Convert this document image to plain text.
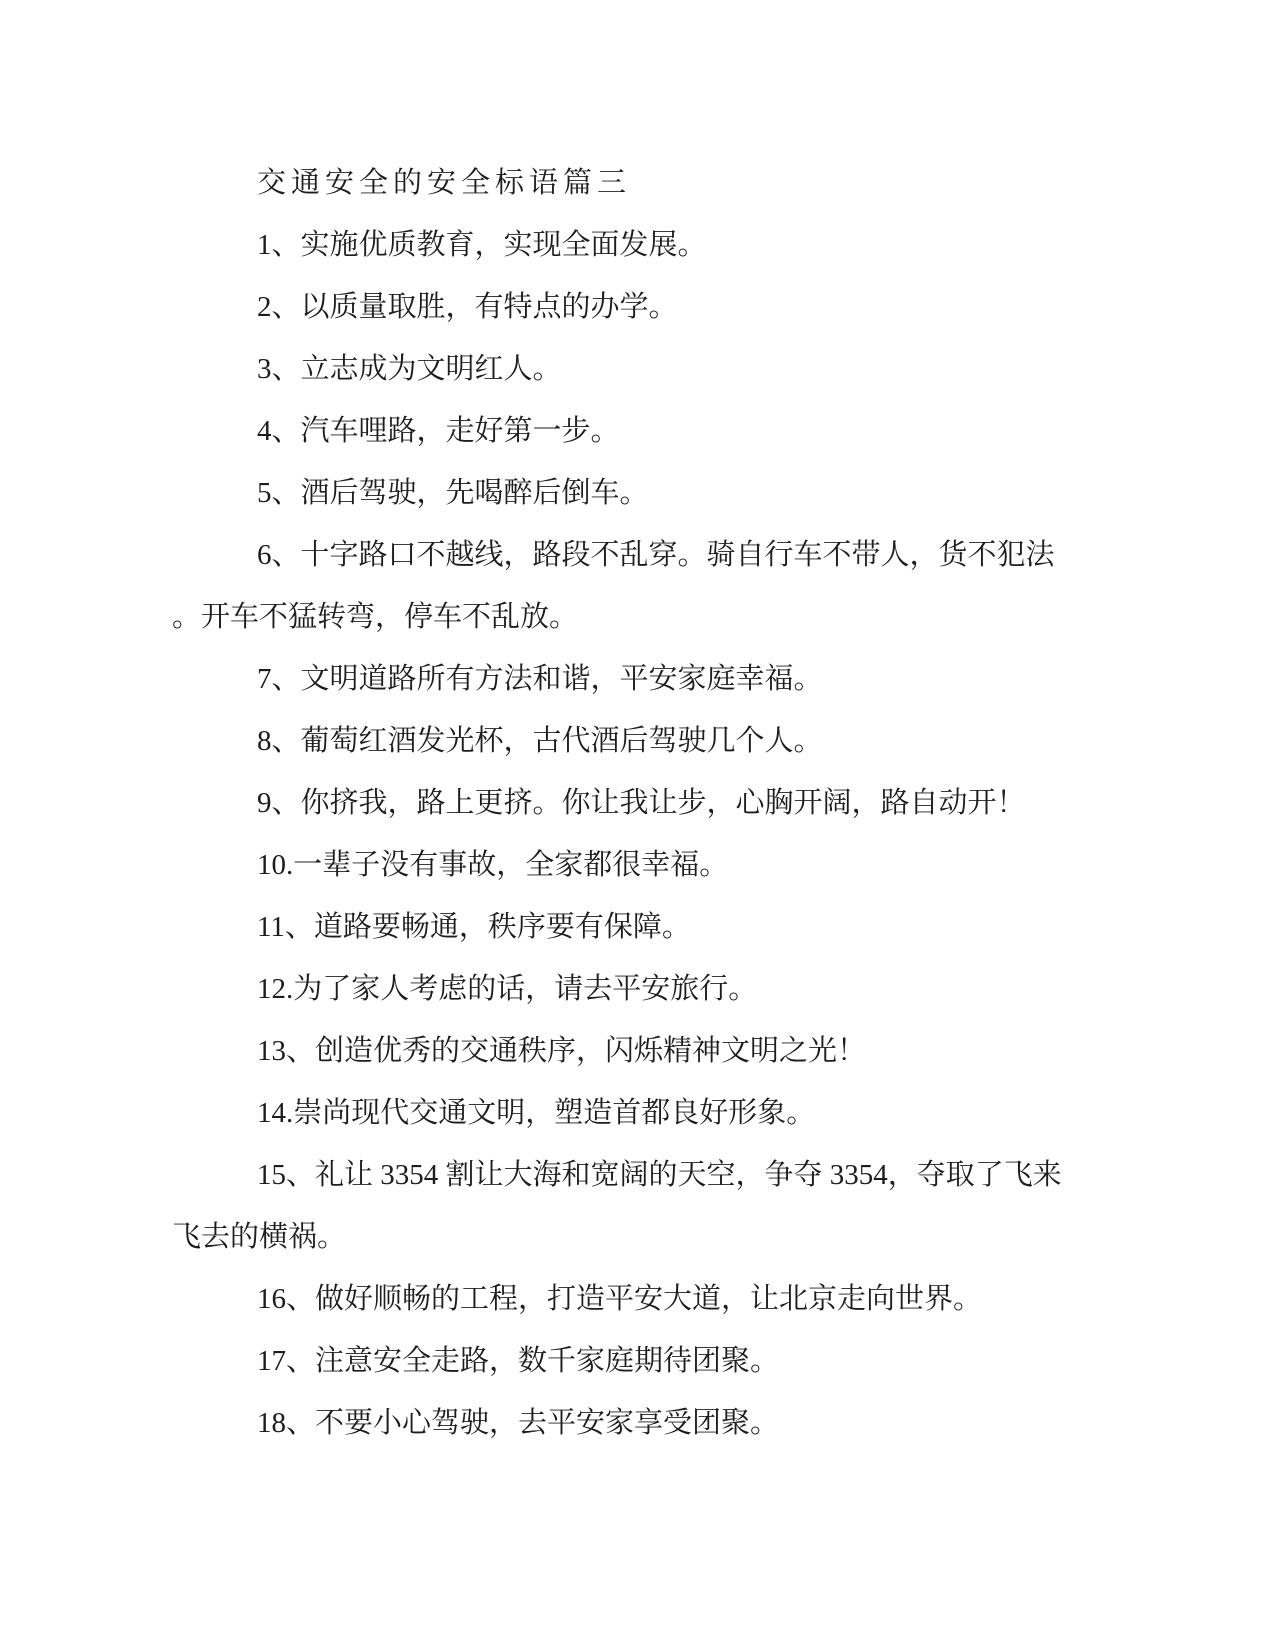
交通安全的安全标语篇三
1、实施优质教育，实现全面发展。
2、以质量取胜，有特点的办学。
3、立志成为文明红人。
4、汽车哩路，走好第一步。
5、酒后驾驶，先喝醉后倒车。
6、十字路口不越线，路段不乱穿。骑自行车不带人，货不犯法
。开车不猛转弯，停车不乱放。
7、文明道路所有方法和谐，平安家庭幸福。
8、葡萄红酒发光杯，古代酒后驾驶几个人。
9、你挤我，路上更挤。你让我让步，心胸开阔，路自动开！
10.一辈子没有事故，全家都很幸福。
11、道路要畅通，秩序要有保障。
12.为了家人考虑的话，请去平安旅行。
13、创造优秀的交通秩序，闪烁精神文明之光！
14.崇尚现代交通文明，塑造首都良好形象。
15、礼让 3354 割让大海和宽阔的天空，争夺 3354，夺取了飞来
飞去的横祸。
16、做好顺畅的工程，打造平安大道，让北京走向世界。
17、注意安全走路，数千家庭期待团聚。
18、不要小心驾驶，去平安家享受团聚。
